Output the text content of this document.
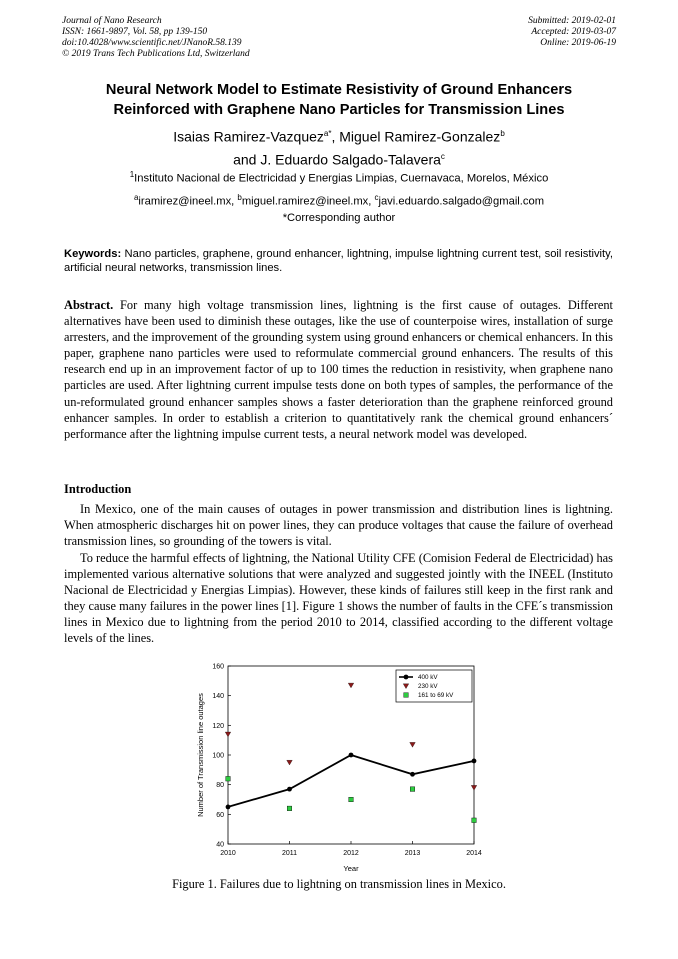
Journal of Nano Research
ISSN: 1661-9897, Vol. 58, pp 139-150
doi:10.4028/www.scientific.net/JNanoR.58.139
© 2019 Trans Tech Publications Ltd, Switzerland
Submitted: 2019-02-01
Accepted: 2019-03-07
Online: 2019-06-19
Neural Network Model to Estimate Resistivity of Ground Enhancers
Reinforced with Graphene Nano Particles for Transmission Lines
Isaias Ramirez-Vazquez$^{a*}$, Miguel Ramirez-Gonzalez$^b$
and J. Eduardo Salgado-Talavera$^c$
$^1$Instituto Nacional de Electricidad y Energias Limpias, Cuernavaca, Morelos, México
$^a$iramirez@ineel.mx, $^b$miguel.ramirez@ineel.mx, $^c$javi.eduardo.salgado@gmail.com
*Corresponding author
Keywords: Nano particles, graphene, ground enhancer, lightning, impulse lightning current test, soil resistivity, artificial neural networks, transmission lines.
Abstract. For many high voltage transmission lines, lightning is the first cause of outages. Different alternatives have been used to diminish these outages, like the use of counterpoise wires, installation of surge arresters, and the improvement of the grounding system using ground enhancers or chemical enhancers. In this paper, graphene nano particles were used to reformulate commercial ground enhancers. The results of this research end up in an improvement factor of up to 100 times the reduction in resistivity, when graphene nano particles are used. After lightning current impulse tests done on both types of samples, the performance of the un-reformulated ground enhancer samples shows a faster deterioration than the graphene reinforced ground enhancer samples. In order to establish a criterion to quantitatively rank the chemical ground enhancers´ performance after the lightning impulse current tests, a neural network model was developed.
Introduction

In Mexico, one of the main causes of outages in power transmission and distribution lines is lightning. When atmospheric discharges hit on power lines, they can produce voltages that cause the failure of overhead transmission lines, so grounding of the towers is vital.

To reduce the harmful effects of lightning, the National Utility CFE (Comision Federal de Electricidad) has implemented various alternative solutions that were analyzed and suggested jointly with the INEEL (Instituto Nacional de Electricidad y Energias Limpias). However, these kinds of failures still keep in the first rank and they cause many failures in the power lines [1]. Figure 1 shows the number of faults in the CFE´s transmission lines in Mexico due to lightning from the period 2010 to 2014, classified according to the different voltage levels of the lines.

40
60
80
100
120
140
160
2010	2011	2012	2013	2014
Year
Number of Transmission line outages
400 kV
230 kV
161 to 69 kV
Figure 1. Failures due to lightning on transmission lines in Mexico.
